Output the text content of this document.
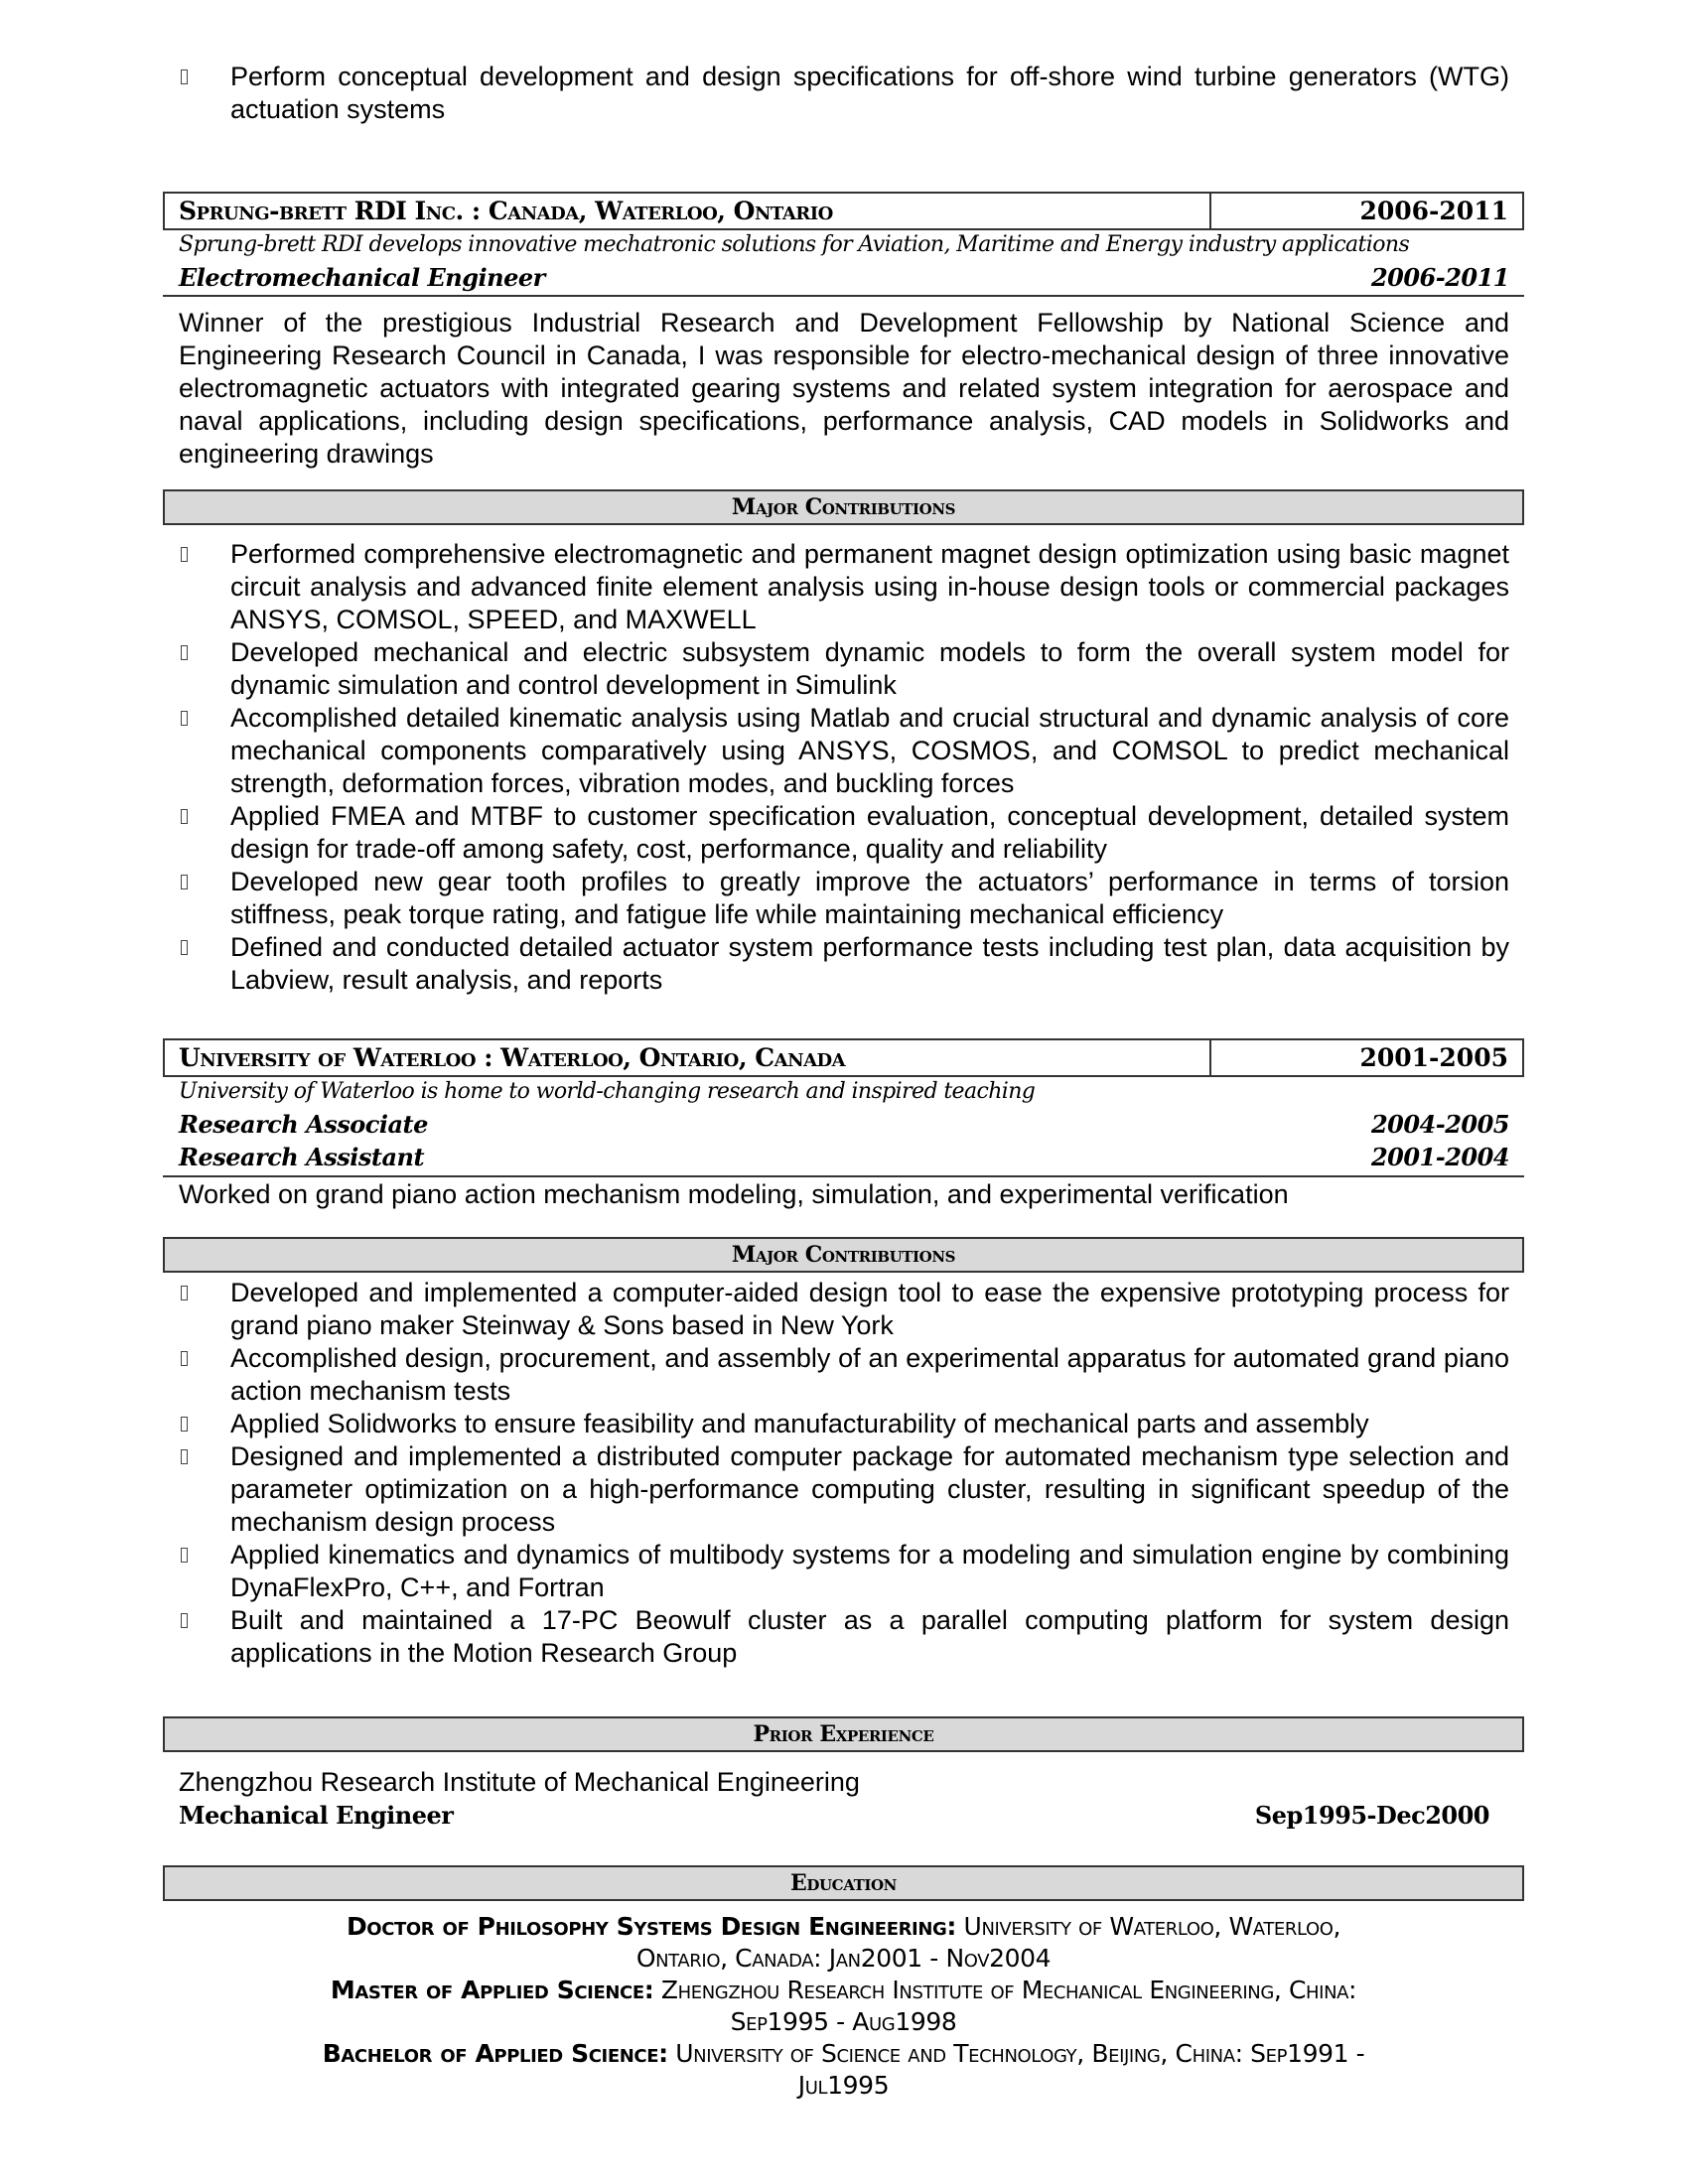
Perform conceptual development and design specifications for off-shore wind turbine generators (WTG) actuation systems
Sprung-brett RDI Inc. : Canada, Waterloo, Ontario	2006-2011
Sprung-brett RDI develops innovative mechatronic solutions for Aviation, Maritime and Energy industry applications
Electromechanical Engineer	2006-2011
Winner of the prestigious Industrial Research and Development Fellowship by National Science and Engineering Research Council in Canada, I was responsible for electro-mechanical design of three innovative electromagnetic actuators with integrated gearing systems and related system integration for aerospace and naval applications, including design specifications, performance analysis, CAD models in Solidworks and engineering drawings
Major Contributions
Performed comprehensive electromagnetic and permanent magnet design optimization using basic magnet circuit analysis and advanced finite element analysis using in-house design tools or commercial packages ANSYS, COMSOL, SPEED, and MAXWELL
Developed mechanical and electric subsystem dynamic models to form the overall system model for dynamic simulation and control development in Simulink
Accomplished detailed kinematic analysis using Matlab and crucial structural and dynamic analysis of core mechanical components comparatively using ANSYS, COSMOS, and COMSOL to predict mechanical strength, deformation forces, vibration modes, and buckling forces
Applied FMEA and MTBF to customer specification evaluation, conceptual development, detailed system design for trade-off among safety, cost, performance, quality and reliability
Developed new gear tooth profiles to greatly improve the actuators’ performance in terms of torsion stiffness, peak torque rating, and fatigue life while maintaining mechanical efficiency
Defined and conducted detailed actuator system performance tests including test plan, data acquisition by Labview, result analysis, and reports
University of Waterloo : Waterloo, Ontario, Canada	2001-2005
University of Waterloo is home to world-changing research and inspired teaching
Research Associate	2004-2005
Research Assistant	2001-2004
Worked on grand piano action mechanism modeling, simulation, and experimental verification
Major Contributions
Developed and implemented a computer-aided design tool to ease the expensive prototyping process for grand piano maker Steinway & Sons based in New York
Accomplished design, procurement, and assembly of an experimental apparatus for automated grand piano action mechanism tests
Applied Solidworks to ensure feasibility and manufacturability of mechanical parts and assembly
Designed and implemented a distributed computer package for automated mechanism type selection and parameter optimization on a high-performance computing cluster, resulting in significant speedup of the mechanism design process
Applied kinematics and dynamics of multibody systems for a modeling and simulation engine by combining DynaFlexPro, C++, and Fortran
Built and maintained a 17-PC Beowulf cluster as a parallel computing platform for system design applications in the Motion Research Group
Prior Experience
Zhengzhou Research Institute of Mechanical Engineering
Mechanical Engineer	Sep1995-Dec2000
Education
Doctor of Philosophy Systems Design Engineering: University of Waterloo, Waterloo,
Ontario, Canada: Jan2001 - Nov2004
Master of Applied Science: Zhengzhou Research Institute of Mechanical Engineering, China:
Sep1995 - Aug1998
Bachelor of Applied Science: University of Science and Technology, Beijing, China: Sep1991 -
Jul1995
